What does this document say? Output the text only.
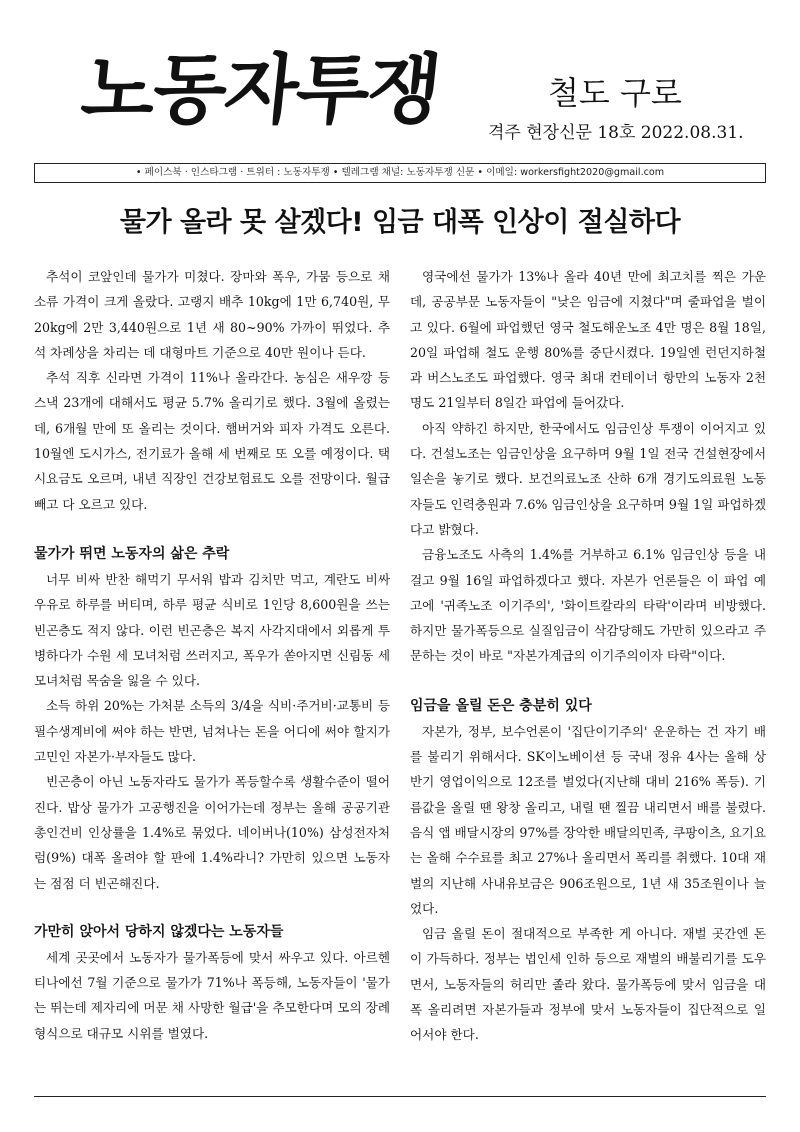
노동자투쟁	철도 구로
격주 현장신문 18호 2022.08.31.
• 페이스북 · 인스타그램 · 트위터 : 노동자투쟁 • 텔레그램 채널: 노동자투쟁 신문 • 이메일: workersfight2020@gmail.com
물가 올라 못 살겠다! 임금 대폭 인상이 절실하다

추석이 코앞인데 물가가 미쳤다. 장마와 폭우, 가뭄 등으로 채소류 가격이 크게 올랐다. 고랭지 배추 10kg에 1만 6,740원, 무 20kg에 2만 3,440원으로 1년 새 80~90% 가까이 뛰었다. 추석 차례상을 차리는 데 대형마트 기준으로 40만 원이나 든다.

추석 직후 신라면 가격이 11%나 올라간다. 농심은 새우깡 등 스낵 23개에 대해서도 평균 5.7% 올리기로 했다. 3월에 올렸는데, 6개월 만에 또 올리는 것이다. 햄버거와 피자 가격도 오른다. 10월엔 도시가스, 전기료가 올해 세 번째로 또 오를 예정이다. 택시요금도 오르며, 내년 직장인 건강보험료도 오를 전망이다. 월급 빼고 다 오르고 있다.

물가가 뛰면 노동자의 삶은 추락

너무 비싸 반찬 해먹기 무서워 밥과 김치만 먹고, 계란도 비싸 우유로 하루를 버티며, 하루 평균 식비로 1인당 8,600원을 쓰는 빈곤층도 적지 않다. 이런 빈곤층은 복지 사각지대에서 외롭게 투병하다가 수원 세 모녀처럼 쓰러지고, 폭우가 쏟아지면 신림동 세 모녀처럼 목숨을 잃을 수 있다.

소득 하위 20%는 가처분 소득의 3/4을 식비·주거비·교통비 등 필수생계비에 써야 하는 반면, 넘쳐나는 돈을 어디에 써야 할지가 고민인 자본가·부자들도 많다.

빈곤층이 아닌 노동자라도 물가가 폭등할수록 생활수준이 떨어진다. 밥상 물가가 고공행진을 이어가는데 정부는 올해 공공기관 총인건비 인상률을 1.4%로 묶었다. 네이버나(10%) 삼성전자처럼(9%) 대폭 올려야 할 판에 1.4%라니? 가만히 있으면 노동자는 점점 더 빈곤해진다.

가만히 앉아서 당하지 않겠다는 노동자들

세계 곳곳에서 노동자가 물가폭등에 맞서 싸우고 있다. 아르헨티나에선 7월 기준으로 물가가 71%나 폭등해, 노동자들이 '물가는 뛰는데 제자리에 머문 채 사망한 월급'을 추모한다며 모의 장례 형식으로 대규모 시위를 벌였다.

영국에선 물가가 13%나 올라 40년 만에 최고치를 찍은 가운데, 공공부문 노동자들이 "낮은 임금에 지쳤다"며 줄파업을 벌이고 있다. 6월에 파업했던 영국 철도해운노조 4만 명은 8월 18일, 20일 파업해 철도 운행 80%를 중단시켰다. 19일엔 런던지하철과 버스노조도 파업했다. 영국 최대 컨테이너 항만의 노동자 2천명도 21일부터 8일간 파업에 들어갔다.

아직 약하긴 하지만, 한국에서도 임금인상 투쟁이 이어지고 있다. 건설노조는 임금인상을 요구하며 9월 1일 전국 건설현장에서 일손을 놓기로 했다. 보건의료노조 산하 6개 경기도의료원 노동자들도 인력충원과 7.6% 임금인상을 요구하며 9월 1일 파업하겠다고 밝혔다.

금융노조도 사측의 1.4%를 거부하고 6.1% 임금인상 등을 내걸고 9월 16일 파업하겠다고 했다. 자본가 언론들은 이 파업 예고에 '귀족노조 이기주의', '화이트칼라의 타락'이라며 비방했다. 하지만 물가폭등으로 실질임금이 삭감당해도 가만히 있으라고 주문하는 것이 바로 "자본가계급의 이기주의이자 타락"이다.

임금을 올릴 돈은 충분히 있다

자본가, 정부, 보수언론이 '집단이기주의' 운운하는 건 자기 배를 불리기 위해서다. SK이노베이션 등 국내 정유 4사는 올해 상반기 영업이익으로 12조를 벌었다(지난해 대비 216% 폭등). 기름값을 올릴 땐 왕창 올리고, 내릴 땐 찔끔 내리면서 배를 불렸다. 음식 앱 배달시장의 97%를 장악한 배달의민족, 쿠팡이츠, 요기요는 올해 수수료를 최고 27%나 올리면서 폭리를 취했다. 10대 재벌의 지난해 사내유보금은 906조원으로, 1년 새 35조원이나 늘었다.

임금 올릴 돈이 절대적으로 부족한 게 아니다. 재벌 곳간엔 돈이 가득하다. 정부는 법인세 인하 등으로 재벌의 배불리기를 도우면서, 노동자들의 허리만 졸라 왔다. 물가폭등에 맞서 임금을 대폭 올리려면 자본가들과 정부에 맞서 노동자들이 집단적으로 일어서야 한다.
